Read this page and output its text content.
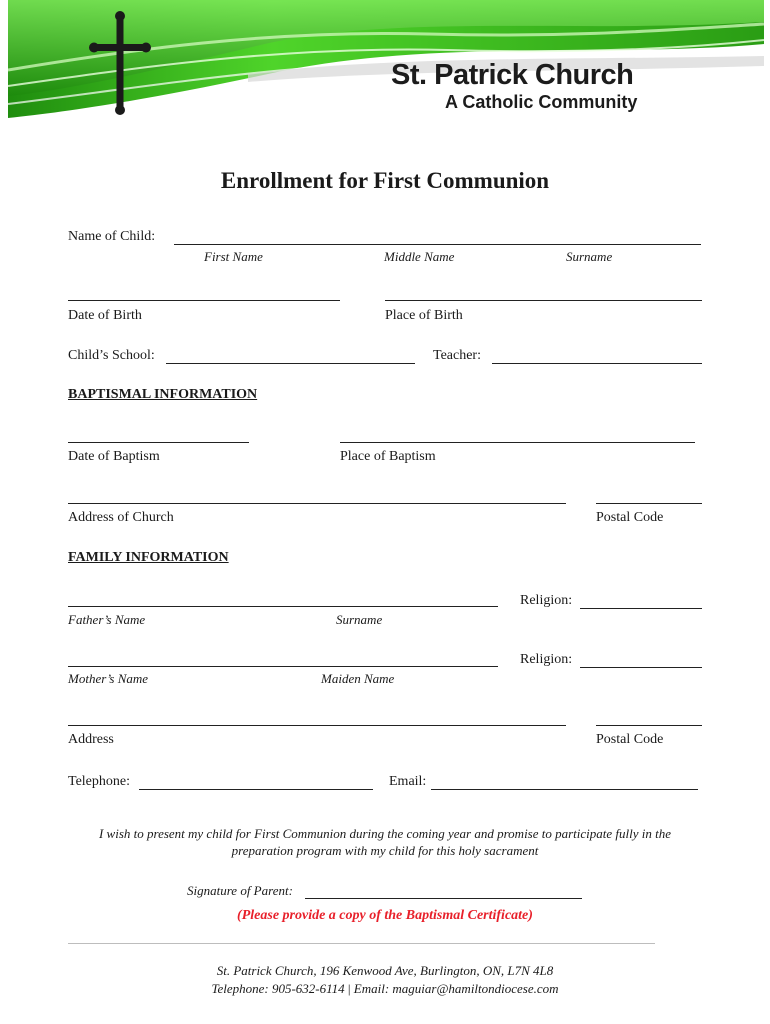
St. Patrick Church
A Catholic Community
Enrollment for First Communion
Name of Child:
First Name	Middle Name	Surname
Date of Birth	Place of Birth
Child’s School:	Teacher:
BAPTISMAL INFORMATION
Date of Baptism	Place of Baptism
Address of Church	Postal Code
FAMILY INFORMATION
Religion:
Father’s Name	Surname
Religion:
Mother’s Name	Maiden Name
Address	Postal Code
Telephone:	Email:
I wish to present my child for First Communion during the coming year and promise to participate fully in the
preparation program with my child for this holy sacrament
Signature of Parent:
(Please provide a copy of the Baptismal Certificate)
St. Patrick Church, 196 Kenwood Ave, Burlington, ON, L7N 4L8
Telephone: 905-632-6114 | Email: maguiar@hamiltondiocese.com
